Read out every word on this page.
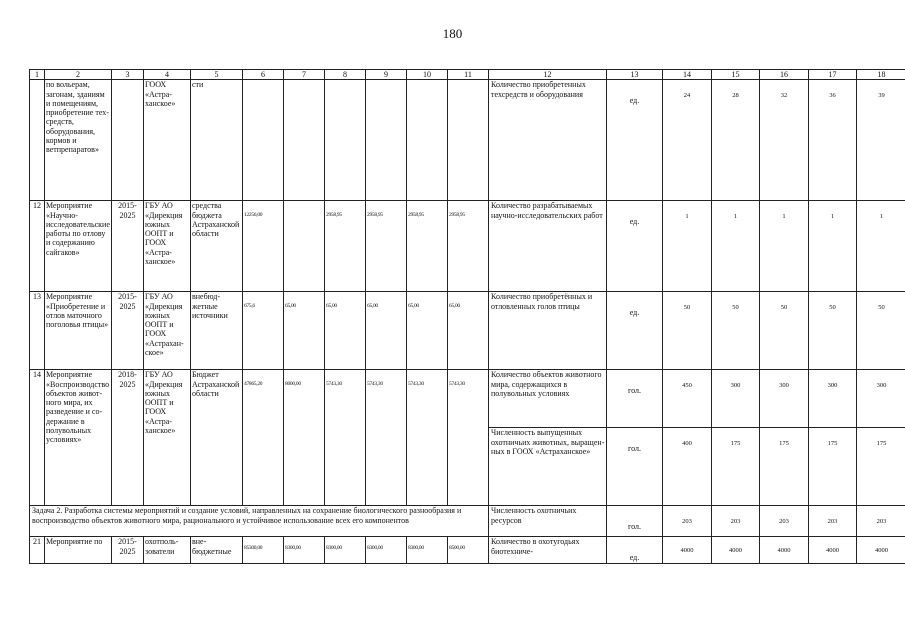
180
1	2	3	4	5	6	7	8	9	10	11	12	13	14	15	16	17	18
	по вольерам, загонам, зданиям и помещениям, приобретение техсредств, оборудования, кормов и ветпрепаратов»		ГООХ «Астраханское»	сти							Количество приобретенных техсредств и оборудования	ед.	24	28	32	36	39
12	Мероприятие «Научно-исследовательские работы по отлову и содержанию сайгаков»	2015-2025	ГБУ АО «Дирекция южных ООПТ и ГООХ «Астраханское»	средства бюджета Астраханской области	12256,00		2958,95	2958,95	2958,95	2958,95	Количество разрабатываемых научно-исследовательских работ	ед.	1	1	1	1	1
13	Мероприятие «Приобретение и отлов маточного поголовья птицы»	2015-2025	ГБУ АО «Дирекция южных ООПТ и ГООХ «Астраханское»	внебюджетные источники	675,6	65,00	65,00	65,00	65,00	65,00	Количество приобретённых и отловленных голов птицы	ед.	50	50	50	50	50
14	Мероприятие «Воспроизводство объектов животного мира, их разведение и содержание в полувольных условиях»	2018-2025	ГБУ АО «Дирекция южных ООПТ и ГООХ «Астраханское»	Бюджет Астраханской области	47865,20	8000,00	5743,30	5743,30	5743,30	5743,30	Количество объектов животного мира, содержащихся в полувольных условиях	гол.	450	300	300	300	300
											Численность выпущенных охотничьих животных, выращенных в ГООХ «Астраханское»	гол.	400	175	175	175	175
Задача 2. Разработка системы мероприятий и создание условий, направленных на сохранение биологического разнообразия и воспроизводство объектов животного мира, рационального и устойчивое использование всех его компонентов											Численность охотничьих ресурсов	гол.	203	203	203	203	203
21	Мероприятие по	2015-2025	охотпользователи	внебюджетные	85300,00	8300,00	8300,00	8300,00	8300,00	8500,00	Количество в охотугодьях биотехниче-	ед.	4000	4000	4000	4000	4000
